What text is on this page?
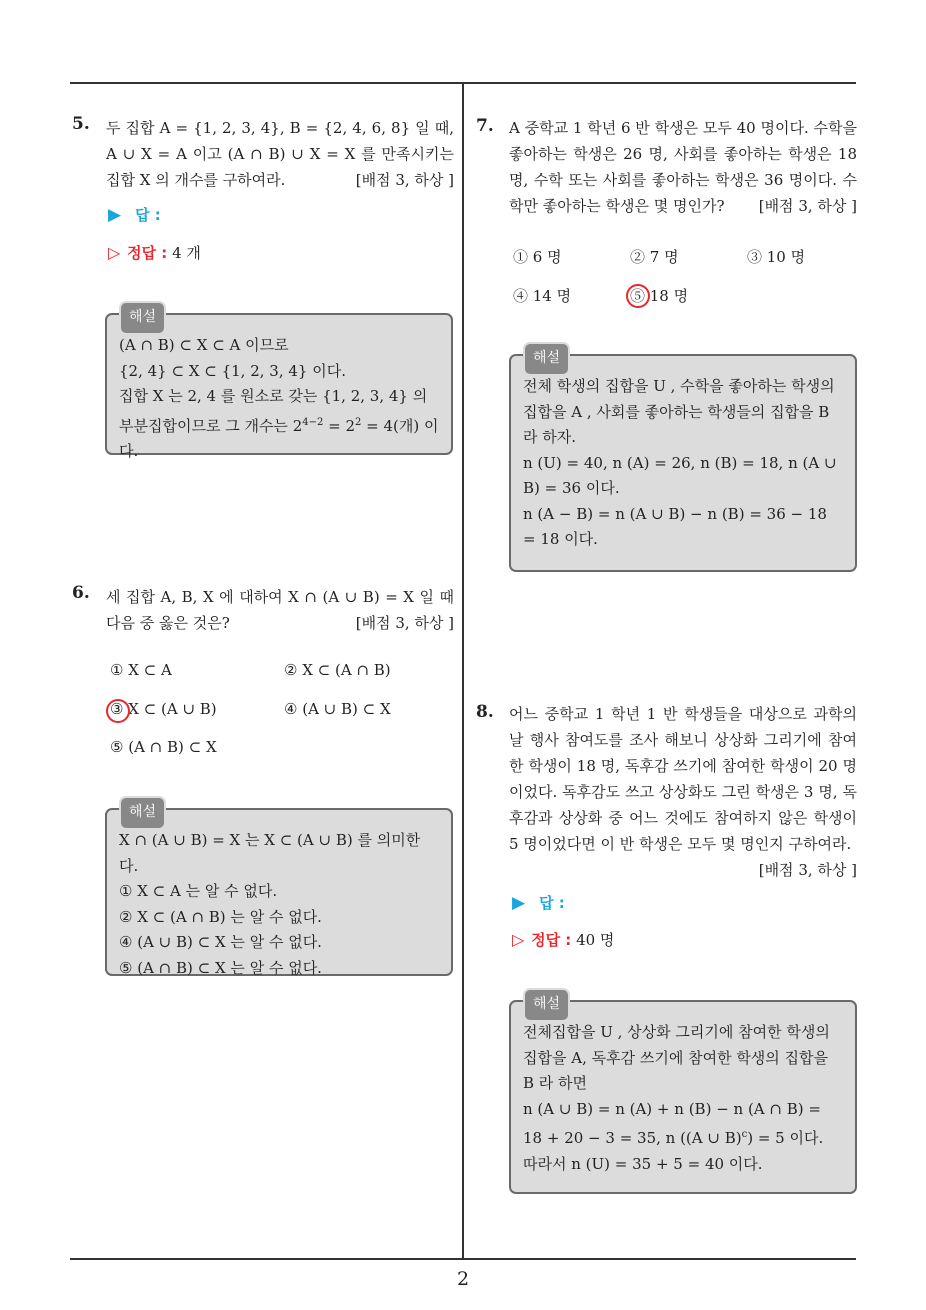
5. 두 집합 A = {1, 2, 3, 4}, B = {2, 4, 6, 8} 일 때, A ∪ X = A 이고 (A ∩ B) ∪ X = X 를 만족시키는 집합 X 의 개수를 구하여라.	[배점 3, 하상 ]
▶ 답 :
▷ 정답 : 4 개
해설
(A ∩ B) ⊂ X ⊂ A 이므로
{2, 4} ⊂ X ⊂ {1, 2, 3, 4} 이다.
집합 X 는 2, 4 를 원소로 갖는 {1, 2, 3, 4} 의 부분집합이므로 그 개수는 $2^{4-2} = 2^2 = 4$(개) 이다.
6. 세 집합 A, B, X 에 대하여 X ∩ (A ∪ B) = X 일 때 다음 중 옳은 것은?	[배점 3, 하상 ]
① X ⊂ A	② X ⊂ (A ∩ B)
③ X ⊂ (A ∪ B)	④ (A ∪ B) ⊂ X
⑤ (A ∩ B) ⊂ X
해설
X ∩ (A ∪ B) = X 는 X ⊂ (A ∪ B) 를 의미한다.
① X ⊂ A 는 알 수 없다.
② X ⊂ (A ∩ B) 는 알 수 없다.
④ (A ∪ B) ⊂ X 는 알 수 없다.
⑤ (A ∩ B) ⊂ X 는 알 수 없다.
7. A 중학교 1 학년 6 반 학생은 모두 40 명이다. 수학을 좋아하는 학생은 26 명, 사회를 좋아하는 학생은 18 명, 수학 또는 사회를 좋아하는 학생은 36 명이다. 수학만 좋아하는 학생은 몇 명인가?	[배점 3, 하상 ]
① 6 명	② 7 명	③ 10 명
④ 14 명	⑤ 18 명
해설
전체 학생의 집합을 U , 수학을 좋아하는 학생의 집합을 A , 사회를 좋아하는 학생들의 집합을 B 라 하자.
n (U) = 40, n (A) = 26, n (B) = 18, n (A ∪ B) = 36 이다.
n (A − B) = n (A ∪ B) − n (B) = 36 − 18 = 18 이다.
8. 어느 중학교 1 학년 1 반 학생들을 대상으로 과학의 날 행사 참여도를 조사 해보니 상상화 그리기에 참여한 학생이 18 명, 독후감 쓰기에 참여한 학생이 20 명이었다. 독후감도 쓰고 상상화도 그린 학생은 3 명, 독후감과 상상화 중 어느 것에도 참여하지 않은 학생이 5 명이었다면 이 반 학생은 모두 몇 명인지 구하여라.
[배점 3, 하상 ]
▶ 답 :
▷ 정답 : 40 명
해설
전체집합을 U , 상상화 그리기에 참여한 학생의 집합을 A, 독후감 쓰기에 참여한 학생의 집합을 B 라 하면
n (A ∪ B) = n (A) + n (B) − n (A ∩ B) = 18 + 20 − 3 = 35, n ((A ∪ B)$^c$) = 5 이다.
따라서 n (U) = 35 + 5 = 40 이다.
2
